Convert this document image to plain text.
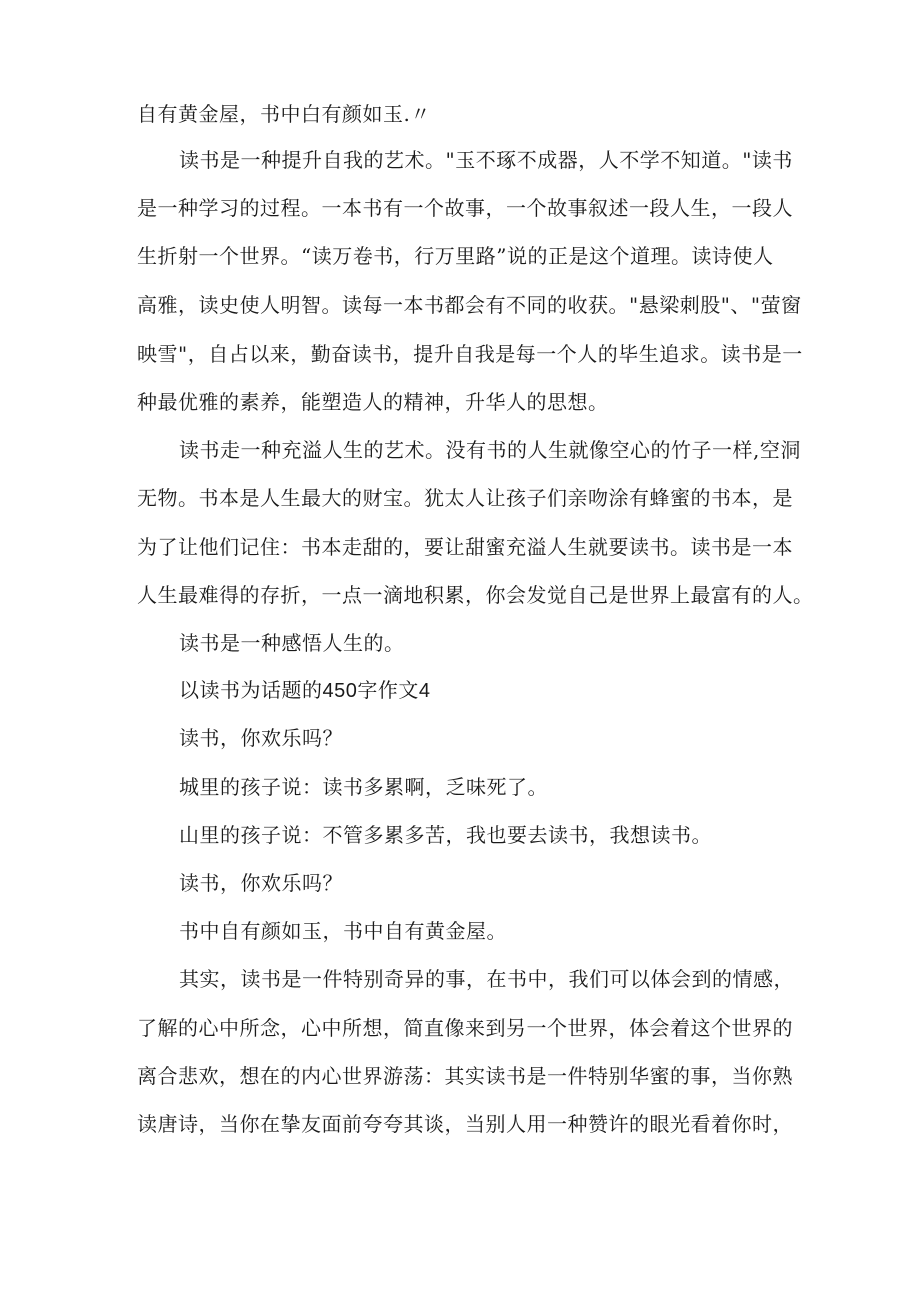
自有黄金屋，书中白有颜如玉.〃
读书是一种提升自我的艺术。"玉不琢不成器，人不学不知道。"读书
是一种学习的过程。一本书有一个故事，一个故事叙述一段人生，一段人
生折射一个世界。“读万卷书，行万里路”说的正是这个道理。读诗使人
高雅，读史使人明智。读每一本书都会有不同的收获。"悬梁刺股"、"萤窗
映雪"，自占以来，勤奋读书，提升自我是每一个人的毕生追求。读书是一
种最优雅的素养，能塑造人的精神，升华人的思想。
读书走一种充溢人生的艺术。没有书的人生就像空心的竹子一样,空洞
无物。书本是人生最大的财宝。犹太人让孩子们亲吻涂有蜂蜜的书本，是
为了让他们记住：书本走甜的，要让甜蜜充溢人生就要读书。读书是一本
人生最难得的存折，一点一滴地积累，你会发觉自己是世界上最富有的人。
读书是一种感悟人生的。
以读书为话题的450字作文4
读书，你欢乐吗？
城里的孩子说：读书多累啊，乏味死了。
山里的孩子说：不管多累多苦，我也要去读书，我想读书。
读书，你欢乐吗？
书中自有颜如玉，书中自有黄金屋。
其实，读书是一件特别奇异的事，在书中，我们可以体会到的情感，
了解的心中所念，心中所想，简直像来到另一个世界，体会着这个世界的
离合悲欢，想在的内心世界游荡：其实读书是一件特别华蜜的事，当你熟
读唐诗，当你在挚友面前夸夸其谈，当别人用一种赞许的眼光看着你时，
